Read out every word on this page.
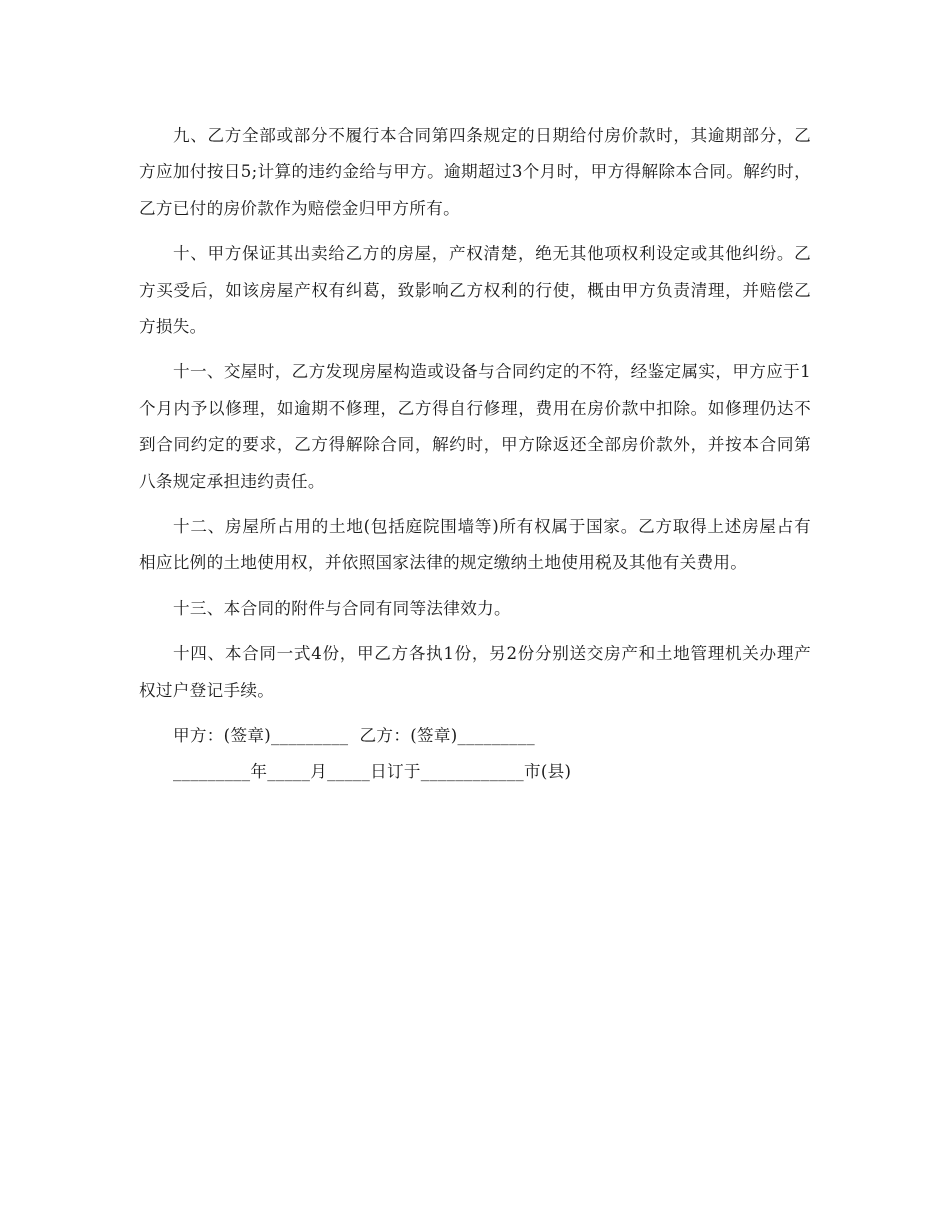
九、乙方全部或部分不履行本合同第四条规定的日期给付房价款时，其逾期部分，乙方应加付按日5;计算的违约金给与甲方。逾期超过3个月时，甲方得解除本合同。解约时，乙方已付的房价款作为赔偿金归甲方所有。

十、甲方保证其出卖给乙方的房屋，产权清楚，绝无其他项权利设定或其他纠纷。乙方买受后，如该房屋产权有纠葛，致影响乙方权利的行使，概由甲方负责清理，并赔偿乙方损失。

十一、交屋时，乙方发现房屋构造或设备与合同约定的不符，经鉴定属实，甲方应于1个月内予以修理，如逾期不修理，乙方得自行修理，费用在房价款中扣除。如修理仍达不到合同约定的要求，乙方得解除合同，解约时，甲方除返还全部房价款外，并按本合同第八条规定承担违约责任。

十二、房屋所占用的土地(包括庭院围墙等)所有权属于国家。乙方取得上述房屋占有相应比例的土地使用权，并依照国家法律的规定缴纳土地使用税及其他有关费用。

十三、本合同的附件与合同有同等法律效力。

十四、本合同一式4份，甲乙方各执1份，另2份分别送交房产和土地管理机关办理产权过户登记手续。

甲方：(签章)_________  乙方：(签章)_________

_________年_____月_____日订于____________市(县)
